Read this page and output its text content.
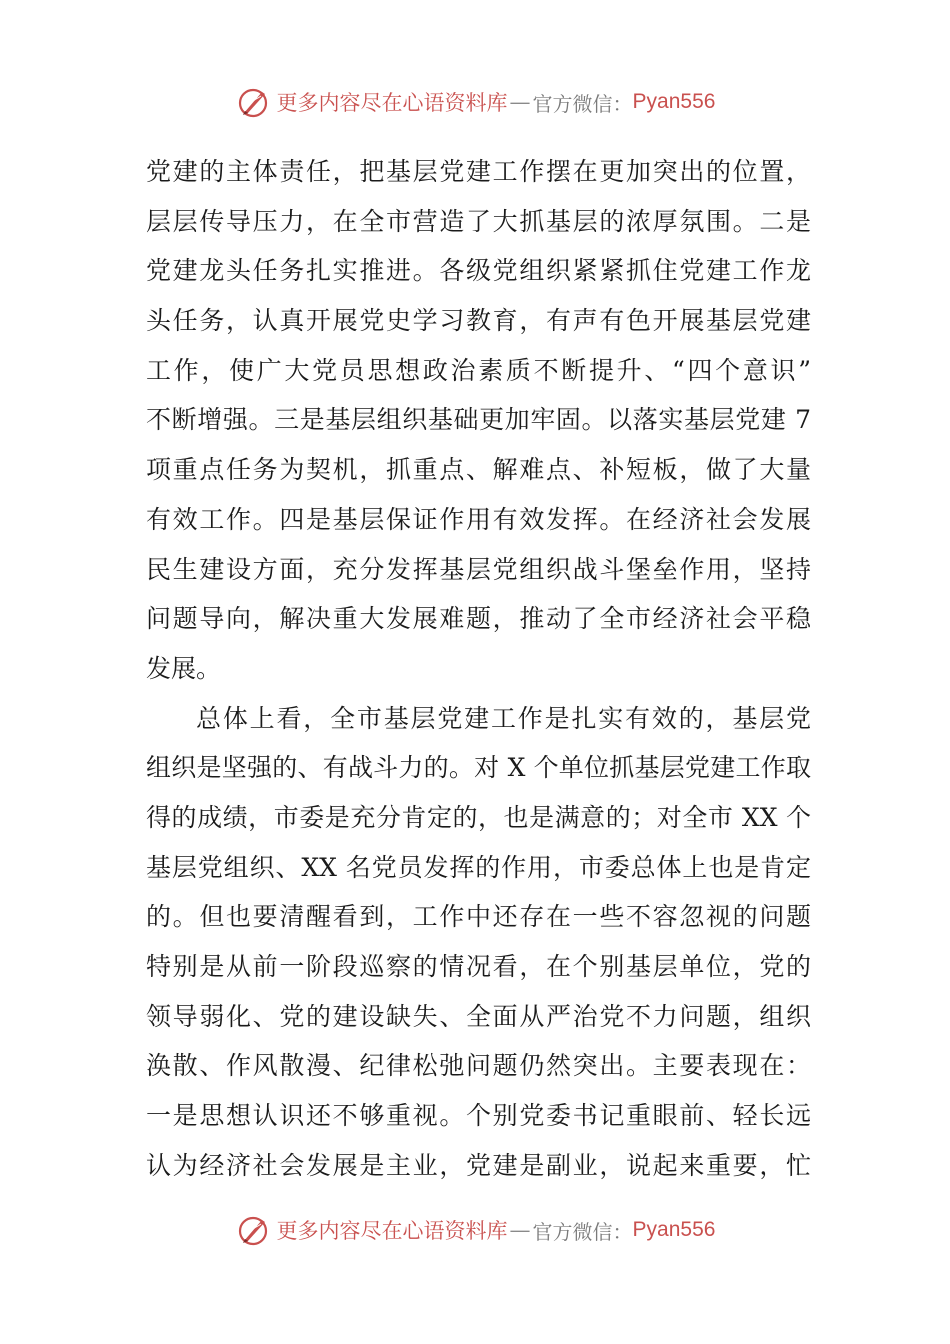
更多内容尽在心语资料库 — 官方微信： Pyan556
党建的主体责任，把基层党建工作摆在更加突出的位置，
层层传导压力，在全市营造了大抓基层的浓厚氛围。二是
党建龙头任务扎实推进。各级党组织紧紧抓住党建工作龙
头任务，认真开展党史学习教育，有声有色开展基层党建
工作，使广大党员思想政治素质不断提升、“四个意识”
不断增强。三是基层组织基础更加牢固。以落实基层党建 7
项重点任务为契机，抓重点、解难点、补短板，做了大量
有效工作。四是基层保证作用有效发挥。在经济社会发展
民生建设方面，充分发挥基层党组织战斗堡垒作用，坚持
问题导向，解决重大发展难题，推动了全市经济社会平稳
发展。
总体上看，全市基层党建工作是扎实有效的，基层党
组织是坚强的、有战斗力的。对 X 个单位抓基层党建工作取
得的成绩，市委是充分肯定的，也是满意的；对全市 XX 个
基层党组织、XX 名党员发挥的作用，市委总体上也是肯定
的。但也要清醒看到，工作中还存在一些不容忽视的问题
特别是从前一阶段巡察的情况看，在个别基层单位，党的
领导弱化、党的建设缺失、全面从严治党不力问题，组织
涣散、作风散漫、纪律松弛问题仍然突出。主要表现在：
一是思想认识还不够重视。个别党委书记重眼前、轻长远
认为经济社会发展是主业，党建是副业，说起来重要，忙
更多内容尽在心语资料库 — 官方微信： Pyan556
